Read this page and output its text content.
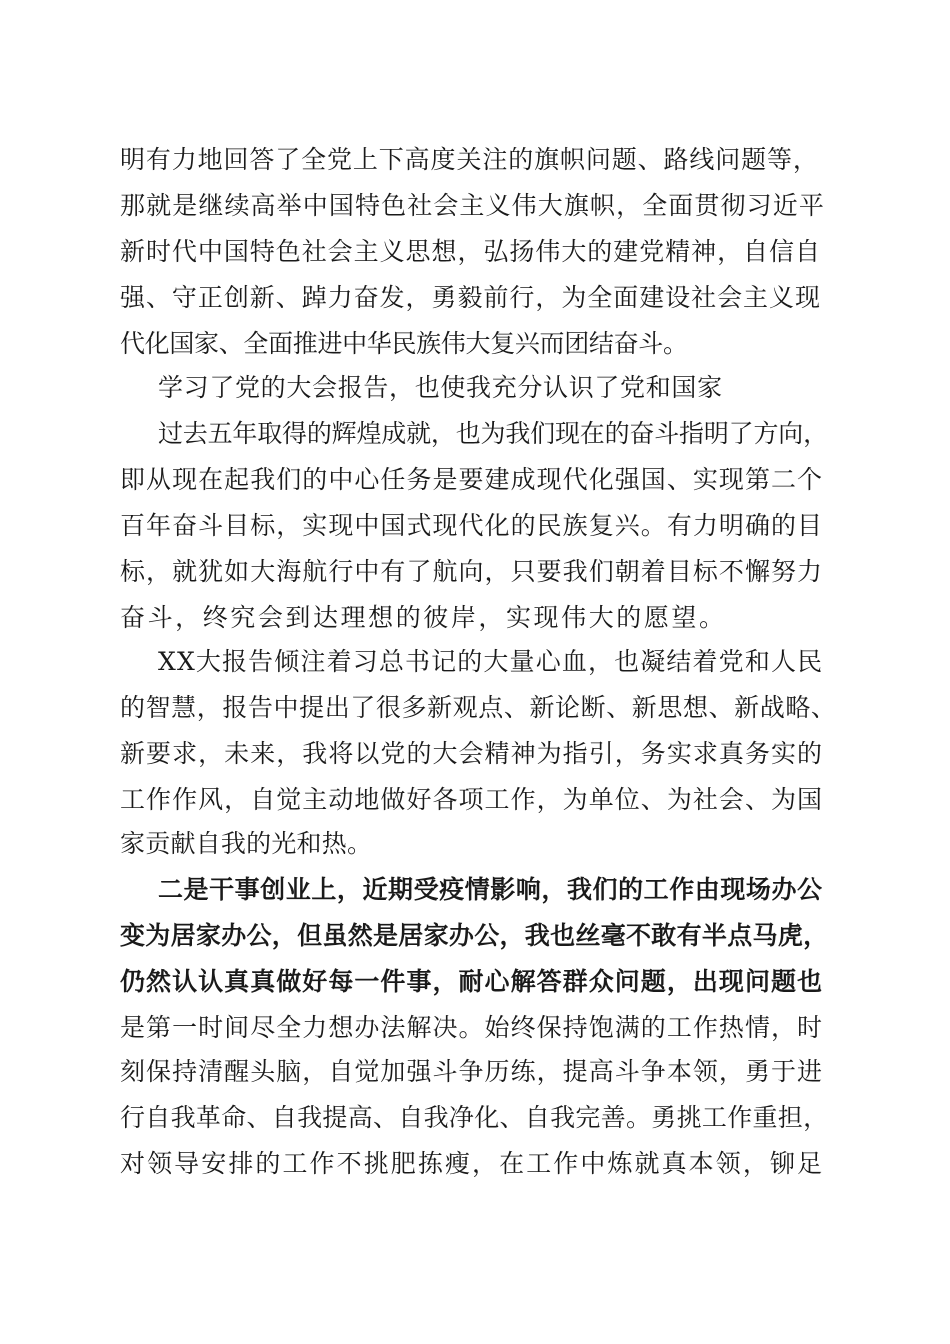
明有力地回答了全党上下高度关注的旗帜问题、路线问题等，
那就是继续高举中国特色社会主义伟大旗帜，全面贯彻习近平
新时代中国特色社会主义思想，弘扬伟大的建党精神，自信自
强、守正创新、踔力奋发，勇毅前行，为全面建设社会主义现
代化国家、全面推进中华民族伟大复兴而团结奋斗。
学习了党的大会报告，也使我充分认识了党和国家
过去五年取得的辉煌成就，也为我们现在的奋斗指明了方向，
即从现在起我们的中心任务是要建成现代化强国、实现第二个
百年奋斗目标，实现中国式现代化的民族复兴。有力明确的目
标，就犹如大海航行中有了航向，只要我们朝着目标不懈努力
奋斗，终究会到达理想的彼岸，实现伟大的愿望。
XX大报告倾注着习总书记的大量心血，也凝结着党和人民
的智慧，报告中提出了很多新观点、新论断、新思想、新战略、
新要求，未来，我将以党的大会精神为指引，务实求真务实的
工作作风，自觉主动地做好各项工作，为单位、为社会、为国
家贡献自我的光和热。
二是干事创业上，近期受疫情影响，我们的工作由现场办公
变为居家办公，但虽然是居家办公，我也丝毫不敢有半点马虎，
仍然认认真真做好每一件事，耐心解答群众问题，出现问题也
是第一时间尽全力想办法解决。始终保持饱满的工作热情，时
刻保持清醒头脑，自觉加强斗争历练，提高斗争本领，勇于进
行自我革命、自我提高、自我净化、自我完善。勇挑工作重担，
对领导安排的工作不挑肥拣瘦，在工作中炼就真本领，铆足
